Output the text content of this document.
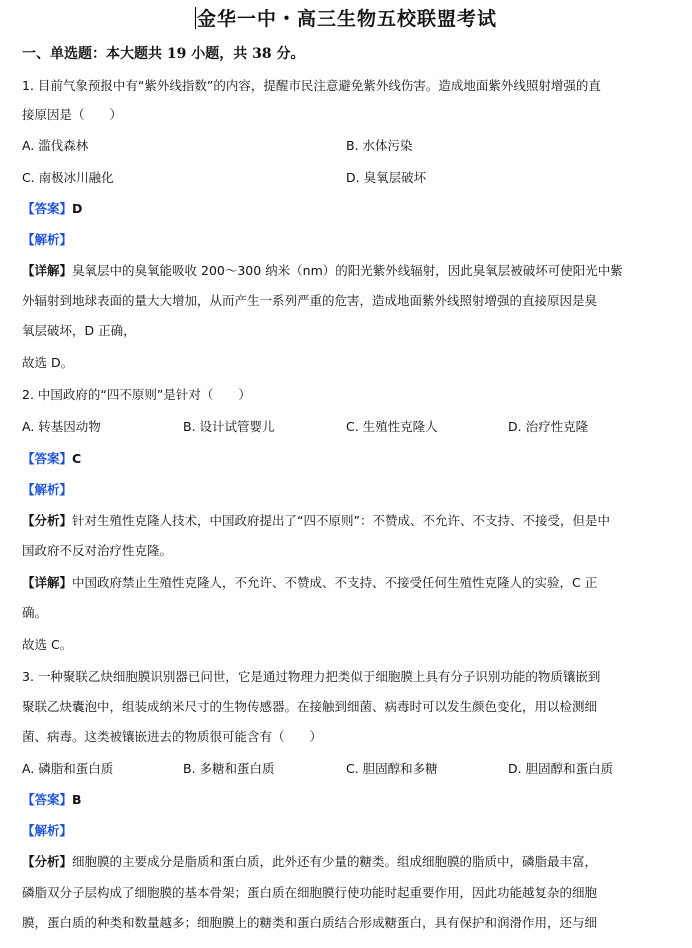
金华一中・高三生物五校联盟考试
一、单选题：本大题共 19 小题，共 38 分。
1. 目前气象预报中有“紫外线指数”的内容，提醒市民注意避免紫外线伤害。造成地面紫外线照射增强的直
接原因是（　　）
A. 滥伐森林	B. 水体污染
C. 南极冰川融化	D. 臭氧层破坏
【答案】D
【解析】
【详解】臭氧层中的臭氧能吸收 200～300 纳米（nm）的阳光紫外线辐射，因此臭氧层被破坏可使阳光中紫
外辐射到地球表面的量大大增加，从而产生一系列严重的危害，造成地面紫外线照射增强的直接原因是臭
氧层破坏，D 正确，
故选 D。
2. 中国政府的“四不原则”是针对（　　）
A. 转基因动物	B. 设计试管婴儿	C. 生殖性克隆人	D. 治疗性克隆
【答案】C
【解析】
【分析】针对生殖性克隆人技术，中国政府提出了“四不原则”：不赞成、不允许、不支持、不接受，但是中
国政府不反对治疗性克隆。
【详解】中国政府禁止生殖性克隆人，不允许、不赞成、不支持、不接受任何生殖性克隆人的实验，C 正
确。
故选 C。
3. 一种聚联乙炔细胞膜识别器已问世，它是通过物理力把类似于细胞膜上具有分子识别功能的物质镶嵌到
聚联乙炔囊泡中，组装成纳米尺寸的生物传感器。在接触到细菌、病毒时可以发生颜色变化，用以检测细
菌、病毒。这类被镶嵌进去的物质很可能含有（　　）
A. 磷脂和蛋白质	B. 多糖和蛋白质	C. 胆固醇和多糖	D. 胆固醇和蛋白质
【答案】B
【解析】
【分析】细胞膜的主要成分是脂质和蛋白质，此外还有少量的糖类。组成细胞膜的脂质中，磷脂最丰富，
磷脂双分子层构成了细胞膜的基本骨架；蛋白质在细胞膜行使功能时起重要作用，因此功能越复杂的细胞
膜，蛋白质的种类和数量越多；细胞膜上的糖类和蛋白质结合形成糖蛋白，具有保护和润滑作用，还与细
